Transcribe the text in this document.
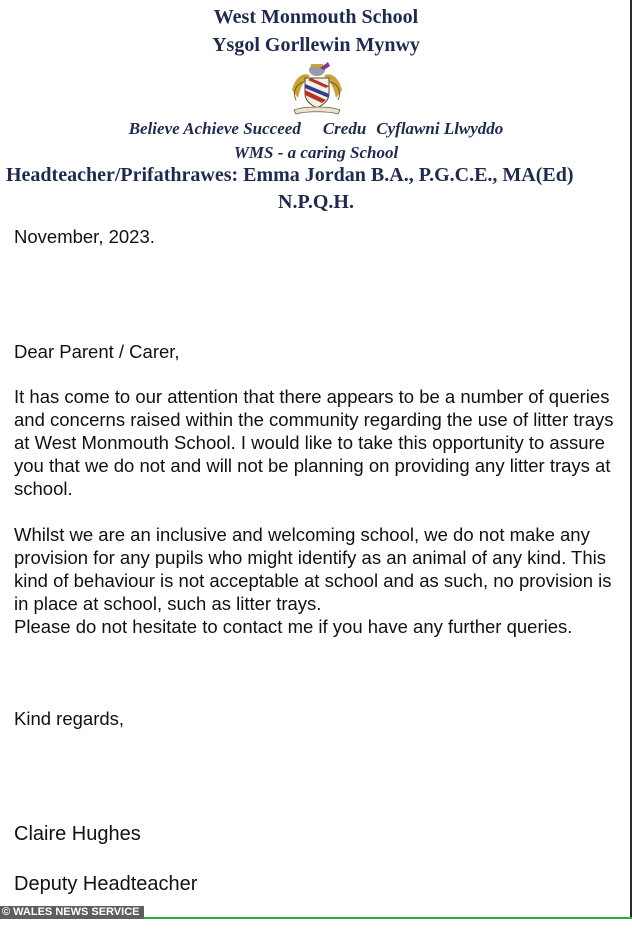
West Monmouth School
Ysgol Gorllewin Mynwy
Believe Achieve Succeed Credu Cyflawni Llwyddo
WMS - a caring School
Headteacher/Prifathrawes: Emma Jordan B.A., P.G.C.E., MA(Ed)
N.P.Q.H.
November, 2023.
Dear Parent / Carer,
It has come to our attention that there appears to be a number of queries and concerns raised within the community regarding the use of litter trays at West Monmouth School. I would like to take this opportunity to assure you that we do not and will not be planning on providing any litter trays at school.
Whilst we are an inclusive and welcoming school, we do not make any provision for any pupils who might identify as an animal of any kind. This kind of behaviour is not acceptable at school and as such, no provision is in place at school, such as litter trays.
Please do not hesitate to contact me if you have any further queries.
Kind regards,
Claire Hughes
Deputy Headteacher
© WALES NEWS SERVICE
